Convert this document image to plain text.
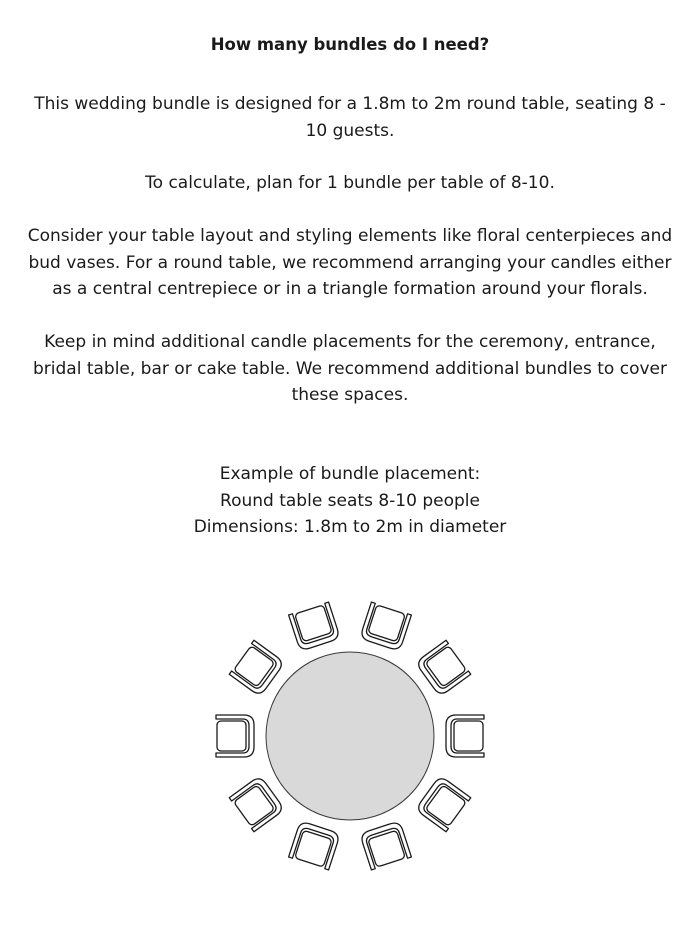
How many bundles do I need?

This wedding bundle is designed for a 1.8m to 2m round table, seating 8 - 10 guests.

To calculate, plan for 1 bundle per table of 8-10.

Consider your table layout and styling elements like floral centerpieces and bud vases. For a round table, we recommend arranging your candles either as a central centrepiece or in a triangle formation around your florals.

Keep in mind additional candle placements for the ceremony, entrance, bridal table, bar or cake table. We recommend additional bundles to cover these spaces.

Example of bundle placement:
Round table seats 8-10 people
Dimensions: 1.8m to 2m in diameter
